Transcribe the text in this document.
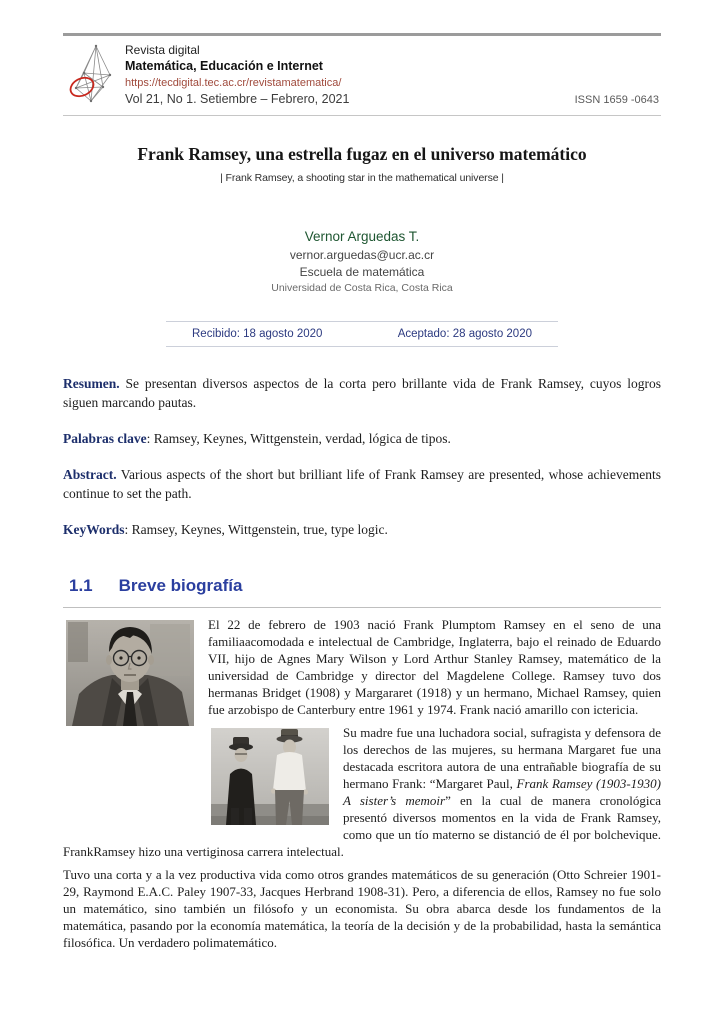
Revista digital
Matemática, Educación e Internet
https://tecdigital.tec.ac.cr/revistamatematica/
Vol 21, No 1. Setiembre – Febrero, 2021	ISSN 1659 -0643
Frank Ramsey, una estrella fugaz en el universo matemático
| Frank Ramsey, a shooting star in the mathematical universe |
Vernor Arguedas T.
vernor.arguedas@ucr.ac.cr
Escuela de matemática
Universidad de Costa Rica, Costa Rica
Recibido: 18 agosto 2020	Aceptado: 28 agosto 2020

Resumen. Se presentan diversos aspectos de la corta pero brillante vida de Frank Ramsey, cuyos logros siguen marcando pautas.

Palabras clave: Ramsey, Keynes, Wittgenstein, verdad, lógica de tipos.

Abstract. Various aspects of the short but brilliant life of Frank Ramsey are presented, whose achievements continue to set the path.

KeyWords: Ramsey, Keynes, Wittgenstein, true, type logic.

1.1 Breve biografía

El 22 de febrero de 1903 nació Frank Plumptom Ramsey en el seno de una familiaacomodada e intelectual de Cambridge, Inglaterra, bajo el reinado de Eduardo VII, hijo de Agnes Mary Wilson y Lord Arthur Stanley Ramsey, matemático de la universidad de Cambridge y director del Magdelene College. Ramsey tuvo dos hermanas Bridget (1908) y Margararet (1918) y un hermano, Michael Ramsey, quien fue arzobispo de Canterbury entre 1961 y 1974. Frank nació amarillo con ictericia.

Su madre fue una luchadora social, sufragista y defensora de los derechos de las mujeres, su hermana Margaret fue una destacada escritora autora de una entrañable biografía de su hermano Frank: “Margaret Paul, Frank Ramsey (1903-1930) A sister’s memoir” en la cual de manera cronológica presentó diversos momentos en la vida de Frank Ramsey, como que un tío materno se distanció de él por bolchevique. FrankRamsey hizo una vertiginosa carrera intelectual.

Tuvo una corta y a la vez productiva vida como otros grandes matemáticos de su generación (Otto Schreier 1901-29, Raymond E.A.C. Paley 1907-33, Jacques Herbrand 1908-31). Pero, a diferencia de ellos, Ramsey no fue solo un matemático, sino también un filósofo y un economista. Su obra abarca desde los fundamentos de la matemática, pasando por la economía matemática, la teoría de la decisión y de la probabilidad, hasta la semántica filosófica. Un verdadero polimatemático.
